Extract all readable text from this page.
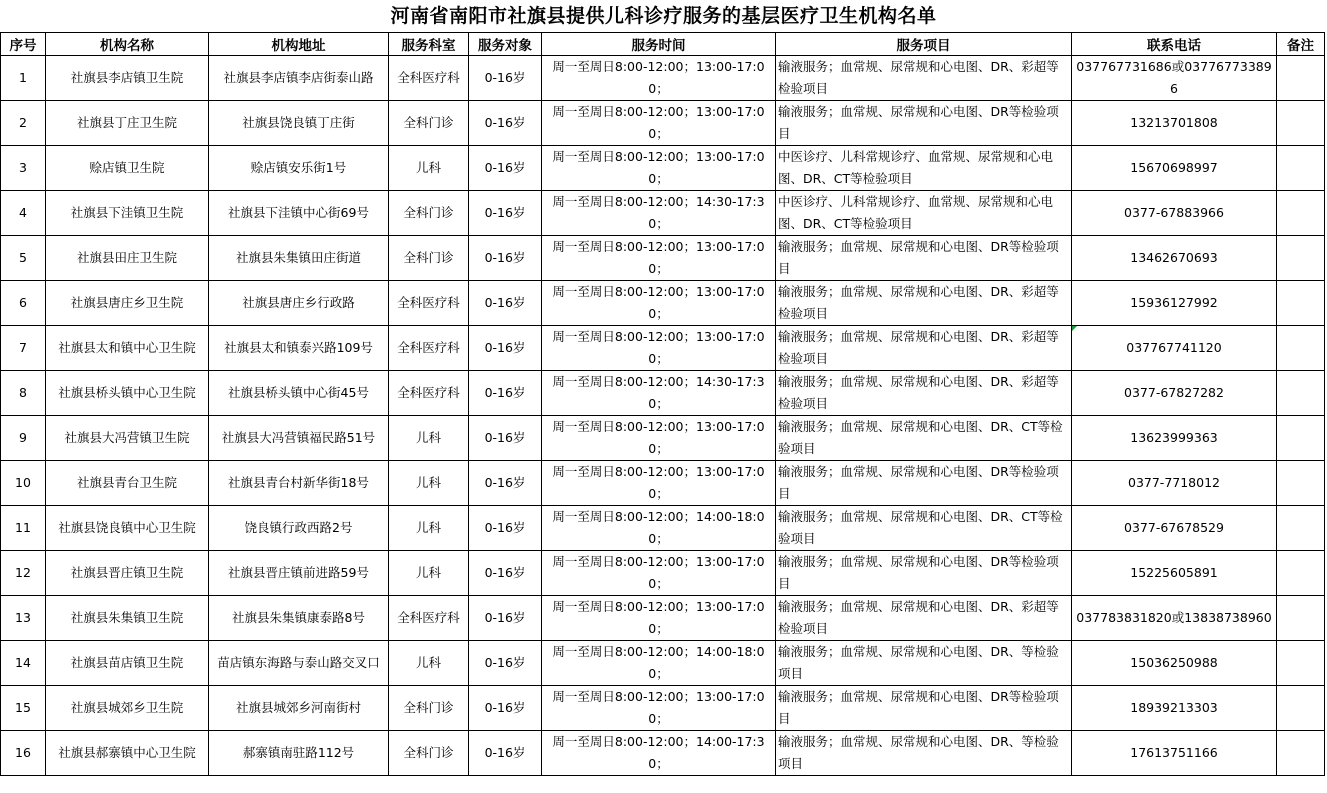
河南省南阳市社旗县提供儿科诊疗服务的基层医疗卫生机构名单
序号	机构名称	机构地址	服务科室	服务对象	服务时间	服务项目	联系电话	备注
1	社旗县李店镇卫生院	社旗县李店镇李店街泰山路	全科医疗科	0-16岁	周一至周日8:00-12:00；13:00-17:00；	输液服务；血常规、尿常规和心电图、DR、彩超等检验项目	037767731686或037767733896	
2	社旗县丁庄卫生院	社旗县饶良镇丁庄街	全科门诊	0-16岁	周一至周日8:00-12:00；13:00-17:00；	输液服务；血常规、尿常规和心电图、DR等检验项目	13213701808	
3	赊店镇卫生院	赊店镇安乐街1号	儿科	0-16岁	周一至周日8:00-12:00；13:00-17:00；	中医诊疗、儿科常规诊疗、血常规、尿常规和心电图、DR、CT等检验项目	15670698997	
4	社旗县下洼镇卫生院	社旗县下洼镇中心街69号	全科门诊	0-16岁	周一至周日8:00-12:00；14:30-17:30；	中医诊疗、儿科常规诊疗、血常规、尿常规和心电图、DR、CT等检验项目	0377-67883966	
5	社旗县田庄卫生院	社旗县朱集镇田庄街道	全科门诊	0-16岁	周一至周日8:00-12:00；13:00-17:00；	输液服务；血常规、尿常规和心电图、DR等检验项目	13462670693	
6	社旗县唐庄乡卫生院	社旗县唐庄乡行政路	全科医疗科	0-16岁	周一至周日8:00-12:00；13:00-17:00；	输液服务；血常规、尿常规和心电图、DR、彩超等检验项目	15936127992	
7	社旗县太和镇中心卫生院	社旗县太和镇泰兴路109号	全科医疗科	0-16岁	周一至周日8:00-12:00；13:00-17:00；	输液服务；血常规、尿常规和心电图、DR、彩超等检验项目	037767741120

8	社旗县桥头镇中心卫生院	社旗县桥头镇中心街45号	全科医疗科	0-16岁	周一至周日8:00-12:00；14:30-17:30；	输液服务；血常规、尿常规和心电图、DR、彩超等检验项目	0377-67827282	
9	社旗县大冯营镇卫生院	社旗县大冯营镇福民路51号	儿科	0-16岁	周一至周日8:00-12:00；13:00-17:00；	输液服务；血常规、尿常规和心电图、DR、CT等检验项目	13623999363	
10	社旗县青台卫生院	社旗县青台村新华街18号	儿科	0-16岁	周一至周日8:00-12:00；13:00-17:00；	输液服务；血常规、尿常规和心电图、DR等检验项目	0377-7718012	
11	社旗县饶良镇中心卫生院	饶良镇行政西路2号	儿科	0-16岁	周一至周日8:00-12:00；14:00-18:00；	输液服务；血常规、尿常规和心电图、DR、CT等检验项目	0377-67678529	
12	社旗县晋庄镇卫生院	社旗县晋庄镇前进路59号	儿科	0-16岁	周一至周日8:00-12:00；13:00-17:00；	输液服务；血常规、尿常规和心电图、DR等检验项目	15225605891	
13	社旗县朱集镇卫生院	社旗县朱集镇康泰路8号	全科医疗科	0-16岁	周一至周日8:00-12:00；13:00-17:00；	输液服务；血常规、尿常规和心电图、DR、彩超等检验项目	037783831820或13838738960	
14	社旗县苗店镇卫生院	苗店镇东海路与泰山路交叉口	儿科	0-16岁	周一至周日8:00-12:00；14:00-18:00；	输液服务；血常规、尿常规和心电图、DR、等检验项目	15036250988	
15	社旗县城郊乡卫生院	社旗县城郊乡河南街村	全科门诊	0-16岁	周一至周日8:00-12:00；13:00-17:00；	输液服务；血常规、尿常规和心电图、DR等检验项目	18939213303	
16	社旗县郝寨镇中心卫生院	郝寨镇南驻路112号	全科门诊	0-16岁	周一至周日8:00-12:00；14:00-17:30；	输液服务；血常规、尿常规和心电图、DR、等检验项目	17613751166	
